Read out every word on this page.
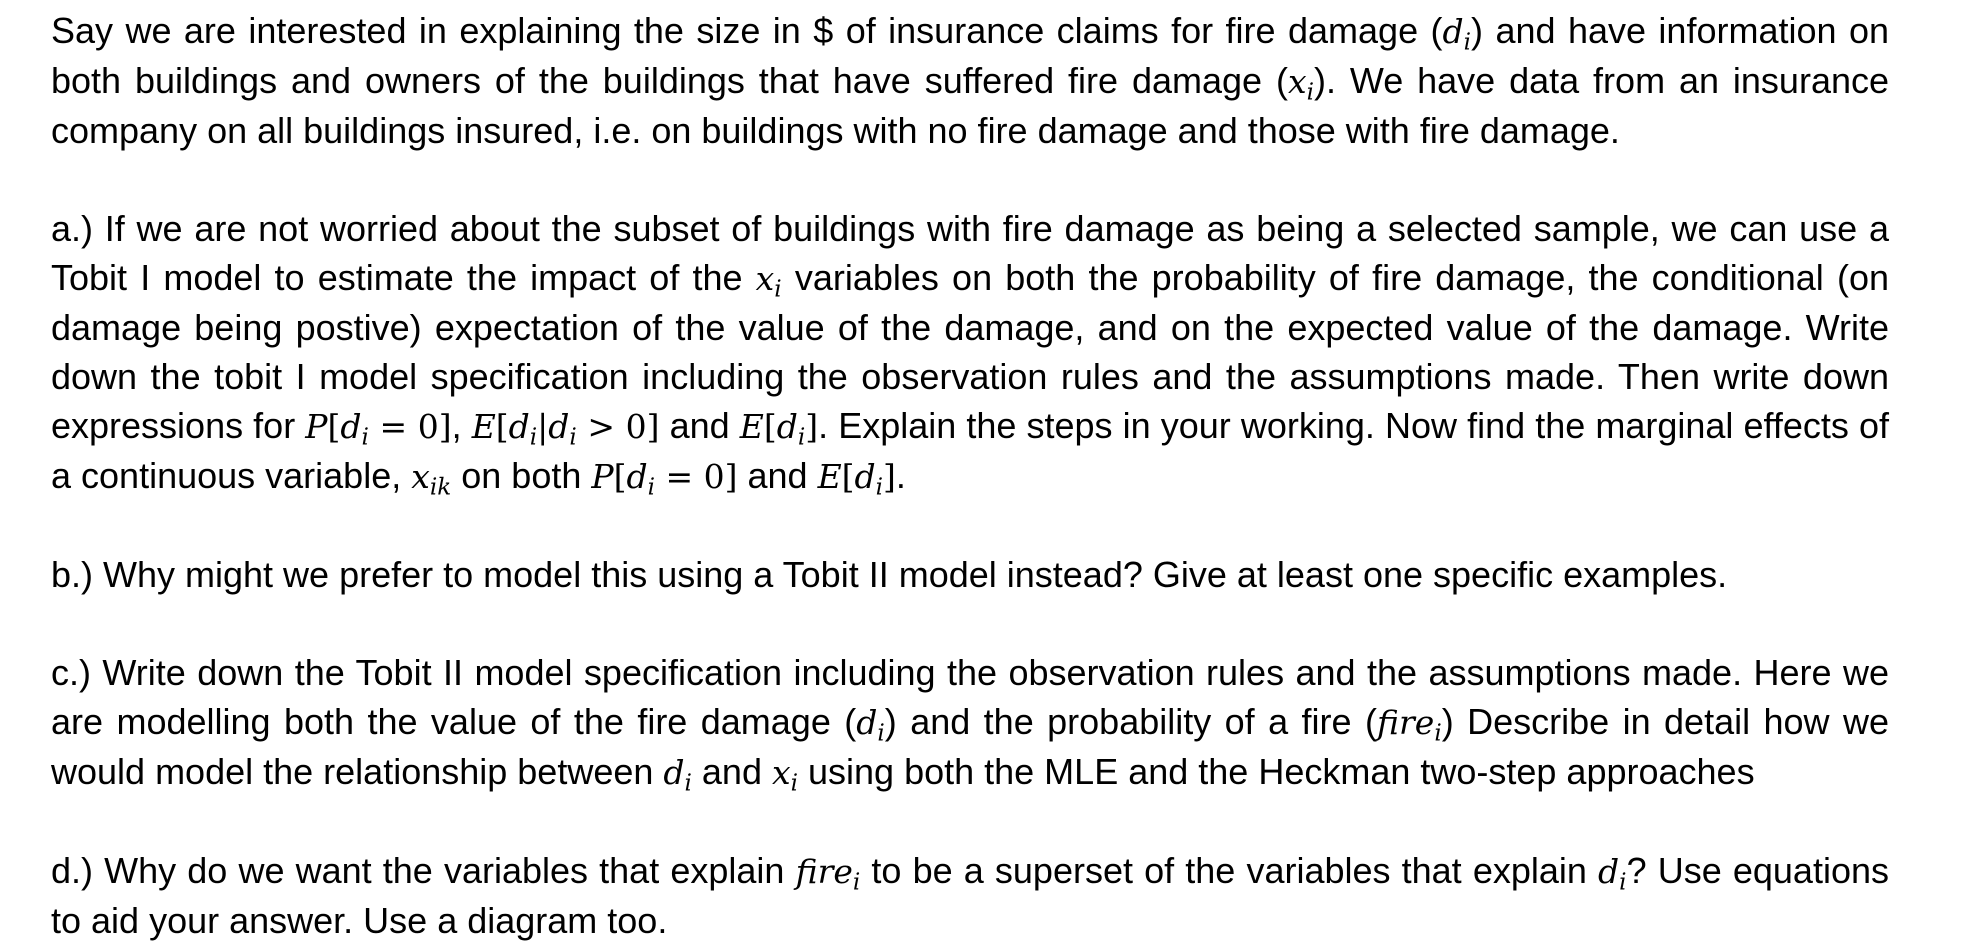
Say we are interested in explaining the size in $ of insurance claims for fire damage $(d_i)$ and have information on both buildings and owners of the buildings that have suffered fire damage $(x_i)$. We have data from an insurance company on all buildings insured, i.e. on buildings with no fire damage and those with fire damage.

a.) If we are not worried about the subset of buildings with fire damage as being a selected sample, we can use a Tobit I model to estimate the impact of the $x_i$ variables on both the probability of fire damage, the conditional (on damage being postive) expectation of the value of the damage, and on the expected value of the damage. Write down the tobit I model specification including the observation rules and the assumptions made. Then write down expressions for $P[d_i = 0]$, $E[d_i|d_i > 0]$ and $E[d_i]$. Explain the steps in your working. Now find the marginal effects of a continuous variable, $x_{ik}$ on both $P[d_i = 0]$ and $E[d_i]$.

b.) Why might we prefer to model this using a Tobit II model instead? Give at least one specific examples.

c.) Write down the Tobit II model specification including the observation rules and the assumptions made. Here we are modelling both the value of the fire damage $(d_i)$ and the probability of a fire (fire$_i$) Describe in detail how we would model the relationship between $d_i$ and $x_i$ using both the MLE and the Heckman two-step approaches

d.) Why do we want the variables that explain fire$_i$ to be a superset of the variables that explain $d_i$? Use equations to aid your answer. Use a diagram too.
